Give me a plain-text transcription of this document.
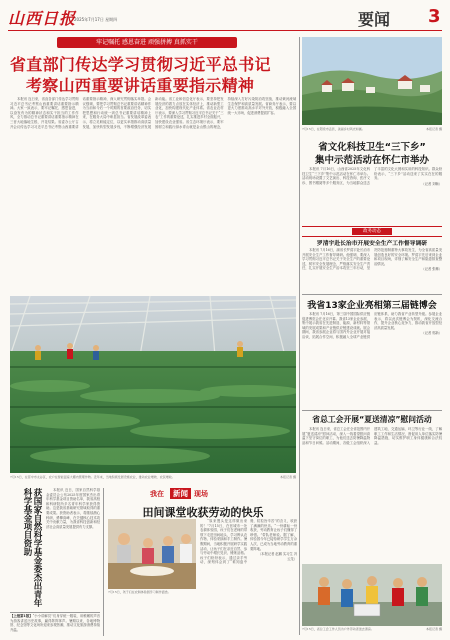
山西日报
2025年7月17日 星期四	要闻 3
牢记嘱托 感恩奋进 顽强拼搏 真抓实干
省直部门传达学习贯彻习近平总书记
考察山西重要讲话重要指示精神

本报讯 连日来，省直各部门传达学习贯彻习近平总书记考察山西重要讲话重要指示精神。大家一致表示，要牢记嘱托、感恩奋进，以奋发有为的精神状态和实干担当的工作作风，全力推动总书记重要讲话重要指示精神在三晋大地落地生根、开花结果。省委办公厅召开会议传达学习习近平总书记考察山西重要讲话重要指示精神，深入研究贯彻落实举措。会议强调，要把学习贯彻总书记重要讲话精神作为当前和今后一个时期的首要政治任务，切实把思想和行动统一到总书记重要讲话精神上来，在服务大局中彰显担当。省发展改革委表示，将立足职能定位，以更实举措推动高质量发展，加快转型发展步伐，不断增强经济发展新动能。省工业和信息化厅表示，要坚持把发展经济的着力点放在实体经济上，推动新型工业化，加快构建现代化产业体系。省农业农村厅表示，要深入学习贯彻习近平总书记关于“三农”工作的重要论述，扎实推进乡村全面振兴，加快建设农业强省。省生态环境厅表示，要牢固树立和践行绿水青山就是金山银山的理念，持续深入打好污染防治攻坚战，推动黄河流域生态保护和高质量发展。省商务厅表示，要以更大力度推动高水平对外开放，积极融入全国统一大市场，促进消费提质扩容。

7月15日，在晋中市太谷区，农户在智能温室大棚内管理作物。近年来，当地积极发展设施农业，推动农业增效、农民增收。	本报记者 摄
7月15日，在阳泉市盂县，美丽乡村风光如画。	本报记者 摄
省文化科技卫生“三下乡”
集中示范活动在怀仁市举办

本报讯 7月16日，山西省2025年文化科技卫生“三下乡”集中示范活动在怀仁市举办。活动现场设置了文艺演出、科技咨询、医疗义诊、图书赠阅等多个服务区，为当地群众送去了丰富的文化大餐和实用的科技知识。群众纷纷表示，“三下乡”活动送来了实实在在的服务。

（记者 刘畅）

政务动态
罗清宇赴长治市开展安全生产工作督导调研

本报讯 7月16日，副省长罗清宇赴长治市开展安全生产工作督导调研。他强调，要深入学习贯彻习近平总书记关于安全生产的重要论述，树牢安全发展理念，严格落实安全生产责任，扎实开展安全生产治本攻坚三年行动，坚决防范遏制重特大事故发生，为全省高质量发展创造良好的安全环境。罗清宇先后来到企业和项目现场，详细了解安全生产和隐患排查整治情况。

（记者 张琳）

我省13家企业亮相第三届链博会

本报讯 7月16日，第三届中国国际供应链促进博览会在北京开幕。我省13家企业参展，集中展示我省在先进制造、能源、新材料等领域的发展成果和产业链供应链建设成就。展会期间，我省参展企业将与国内外企业开展对接洽谈，拓展合作空间，积极融入全球产业链供应链体系，助力我省产业转型升级。参展企业表示，将以此次链博会为契机，深化交流合作，提升企业核心竞争力，推动我省开放型经济高质量发展。

（记者 郭新）

省总工会开展“夏送清凉”慰问活动

本报讯 连日来，省总工会在全省范围内开展“夏送清凉”慰问活动，深入一线看望慰问高温下坚守岗位的职工，为他们送去防暑降温物品和节日问候。活动期间，各级工会组织深入建筑工地、交通运输、环卫等行业一线，了解职工工作和生活情况，督促用人单位落实防暑降温措施，切实维护职工身体健康和合法权益。

7月15日，省总工会工作人员为户外劳动者送去清凉。	本报记者 摄
获国家自然科学基金委杰出青年科学基金项目资助	本报讯 近日，国家自然科学基金委员会公布2025年度国家杰出青年科学基金项目资助名单，我省高校和科研院所多名青年科学家获得资助。这是我省基础研究领域取得的重要成果。获资助者表示，将继续潜心科研、勇攀高峰，在关键核心技术攻关中贡献力量，为我省科技创新和经济社会高质量发展提供有力支撑。

【上接第1版】“小小讲解员”们身穿统一服装，用稚嫩的声音为游客讲述历史故事，赢得阵阵掌声。暑期以来，各地博物馆、纪念馆等文化场所迎来参观热潮，推动文化旅游消费持续升温。
我在	新闻 现场
田间课堂收获劳动的快乐
7月15日，孩子们在农耕体验园学习制作面食。

“原来馒头是这样做出来的！”7月15日，在晋城市一处农耕体验园，孩子们在老师的带领下走进田间地头，学习辨认农作物、体验采摘和手工制作。暑假期间，当地积极开展研学实践活动，让孩子们在亲近自然、参与劳动中增长见识、锤炼品格。孩子们纷纷表示，通过亲手劳动，深刻体会到了“谁知盘中餐，粒粒皆辛苦”的含义，收获了满满的快乐。“一份耕耘一份收获，劳动教育让孩子们懂得了珍惜。”带队老师说。据了解，体验园今年已接待研学学生万余人次，已成为当地劳动教育的重要阵地。

（本报记者 赵鹏 实习生 冯云龙）
